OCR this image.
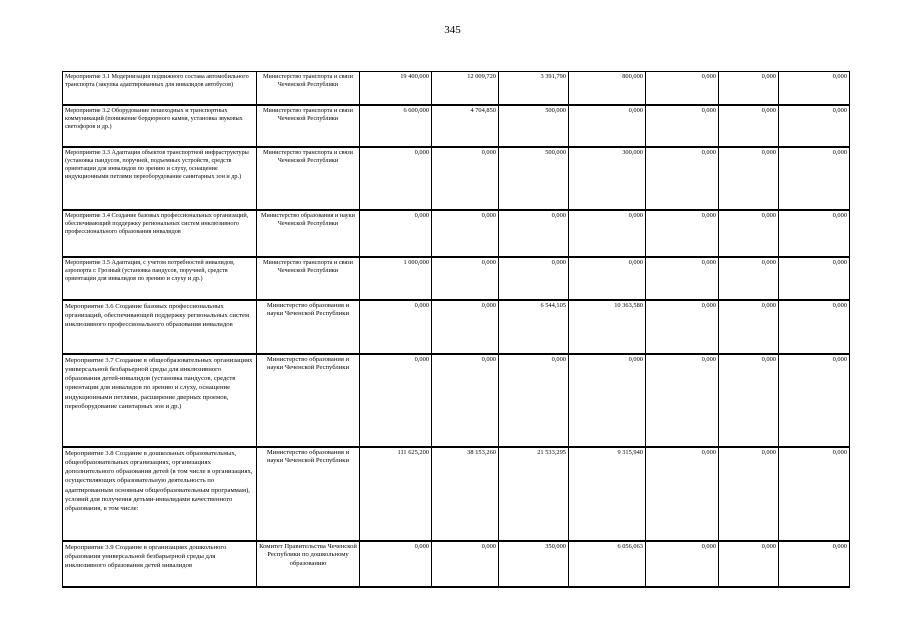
345
Мероприятие 3.1 Модернизация подвижного состава автомобильного транспорта (закупка адаптированных для инвалидов автобусов)	Министерство транспорта и связи Чеченской Республики	19 400,000	12 009,720	3 391,790	800,000	0,000	0,000	0,000
Мероприятие 3.2 Оборудование пешеходных и транспортных коммуникаций (понижение бордюрного камня, установка звуковых светофоров и др.)	Министерство транспорта и связи Чеченской Республики	6 600,000	4 704,850	500,000	0,000	0,000	0,000	0,000
Мероприятие 3.3 Адаптация объектов транспортной инфраструктуры (установка пандусов, поручней, подъемных устройств, средств ориентации для инвалидов по зрению и слуху, оснащение индукционными петлями переоборудование санитарных зон и др.)	Министерство транспорта и связи Чеченской Республики	0,000	0,000	500,000	300,000	0,000	0,000	0,000
Мероприятие 3.4 Создание базовых профессиональных организаций, обеспечивающий поддержку региональных систем инклюзивного профессионального образования инвалидов	Министерство образования и науки Чеченской Республики	0,000	0,000	0,000	0,000	0,000	0,000	0,000
Мероприятие 3.5 Адаптация, с учетом потребностей инвалидов, аэропорта г. Грозный (установка пандусов, поручней, средств ориентации для инвалидов по зрению и слуху и др.)	Министерство транспорта и связи Чеченской Республики	1 000,000	0,000	0,000	0,000	0,000	0,000	0,000
Мероприятие 3.6 Создание базовых профессиональных организаций, обеспечивающей поддержку региональных систем инклюзивного профессионального образования инвалидов	Министерство образования и науки Чеченской Республики	0,000	0,000	6 544,105	10 363,580	0,000	0,000	0,000
Мероприятие 3.7 Создание в общеобразовательных организациях универсальной безбарьерной среды для инклюзивного образования детей-инвалидов (установка пандусов, средств ориентации для инвалидов по зрению и слуху, оснащение индукционными петлями, расширение дверных проемов, переоборудование санитарных зон и др.)	Министерство образования и науки Чеченской Республики	0,000	0,000	0,000	0,000	0,000	0,000	0,000
Мероприятие 3.8 Создание в дошкольных образовательных, общеобразовательных организациях, организациях дополнительного образования детей (в том числе в организациях, осуществляющих образовательную деятельность по адаптированным основным общеобразовательным программам), условий для получения детьми-инвалидами качественного образования, в том числе:	Министерство образования и науки Чеченской Республики	111 625,200	38 153,260	21 533,295	9 315,940	0,000	0,000	0,000
Мероприятие 3.9 Создание в организациях дошкольного образования универсальной безбарьерной среды для инклюзивного образования детей инвалидов	Комитет Правительства Чеченской Республики по дошкольному образованию	0,000	0,000	350,000	6 056,063	0,000	0,000	0,000
